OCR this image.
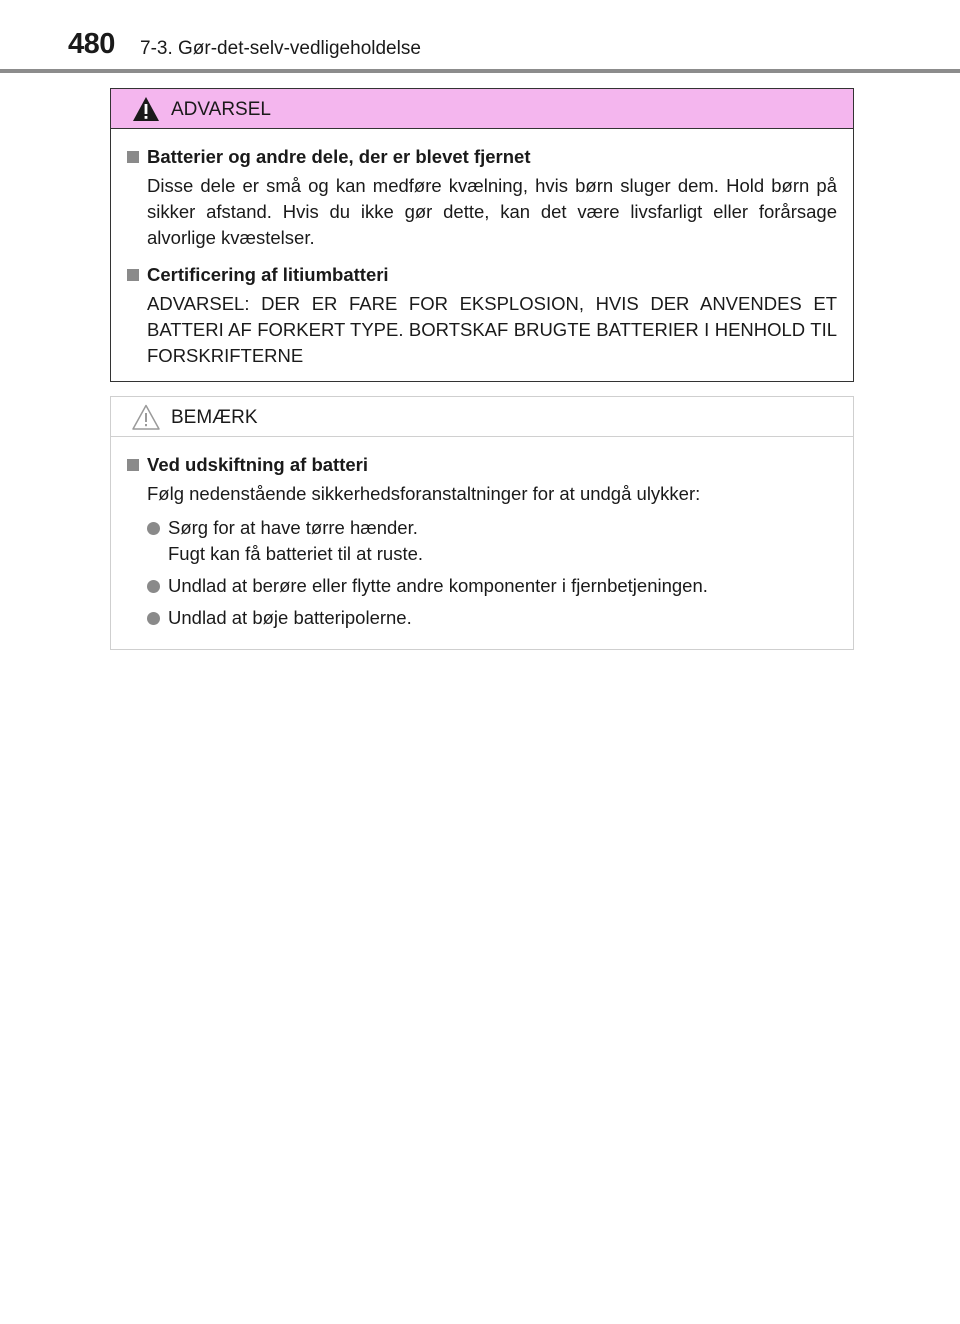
480 7-3. Gør-det-selv-vedligeholdelse
ADVARSEL
Batterier og andre dele, der er blevet fjernet
Disse dele er små og kan medføre kvælning, hvis børn sluger dem. Hold børn på sikker afstand. Hvis du ikke gør dette, kan det være livsfarligt eller forårsage alvorlige kvæstelser.
Certificering af litiumbatteri
ADVARSEL: DER ER FARE FOR EKSPLOSION, HVIS DER ANVENDES ET BATTERI AF FORKERT TYPE. BORTSKAF BRUGTE BATTERIER I HENHOLD TIL FORSKRIFTERNE
BEMÆRK
Ved udskiftning af batteri
Følg nedenstående sikkerhedsforanstaltninger for at undgå ulykker:
Sørg for at have tørre hænder.
Fugt kan få batteriet til at ruste.
Undlad at berøre eller flytte andre komponenter i fjernbetjeningen.
Undlad at bøje batteripolerne.
